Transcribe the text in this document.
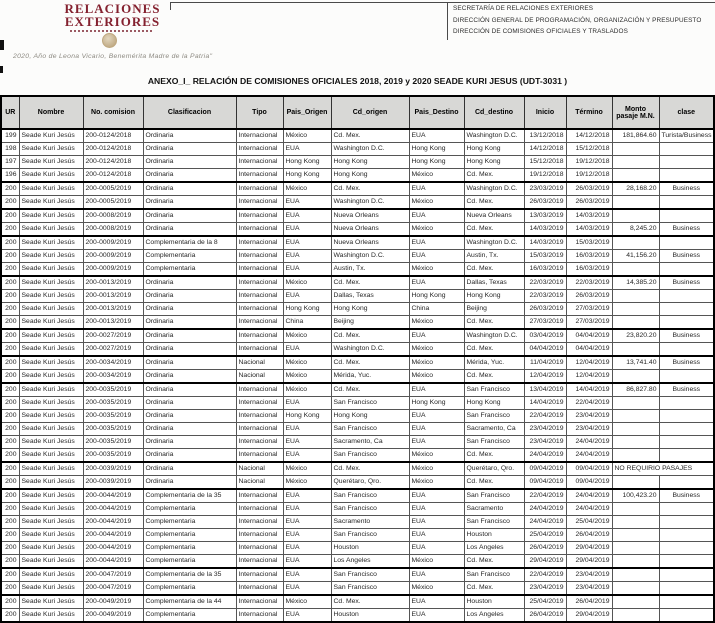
RELACIONES
EXTERIORES
SECRETARÍA DE RELACIONES EXTERIORES
DIRECCIÓN GENERAL DE PROGRAMACIÓN, ORGANIZACIÓN Y PRESUPUESTO
DIRECCIÓN DE COMISIONES OFICIALES Y TRASLADOS
2020, Año de Leona Vicario, Benemérita Madre de la Patria"
ANEXO_I_ RELACIÓN DE COMISIONES OFICIALES 2018, 2019 y 2020 SEADE KURI JESUS (UDT-3031 )
UR	Nombre	No. comision	Clasificacion	Tipo	Pais_Origen	Cd_origen	Pais_Destino	Cd_destino	Inicio	Término	Monto pasaje M.N.	clase
199	Seade Kuri Jesús	200-0124/2018	Ordinaria	Internacional	México	Cd. Mex.	EUA	Washington D.C.	13/12/2018	14/12/2018	181,864.60	Turista/Business
198	Seade Kuri Jesús	200-0124/2018	Ordinaria	Internacional	EUA	Washington D.C.	Hong Kong	Hong Kong	14/12/2018	15/12/2018		
197	Seade Kuri Jesús	200-0124/2018	Ordinaria	Internacional	Hong Kong	Hong Kong	Hong Kong	Hong Kong	15/12/2018	19/12/2018		
196	Seade Kuri Jesús	200-0124/2018	Ordinaria	Internacional	Hong Kong	Hong Kong	México	Cd. Mex.	19/12/2018	19/12/2018		
200	Seade Kuri Jesús	200-0005/2019	Ordinaria	Internacional	México	Cd. Mex.	EUA	Washington D.C.	23/03/2019	26/03/2019	28,168.20	Business
200	Seade Kuri Jesús	200-0005/2019	Ordinaria	Internacional	EUA	Washington D.C.	México	Cd. Mex.	26/03/2019	26/03/2019		
200	Seade Kuri Jesús	200-0008/2019	Ordinaria	Internacional	EUA	Nueva Orleans	EUA	Nueva Orleans	13/03/2019	14/03/2019		
200	Seade Kuri Jesús	200-0008/2019	Ordinaria	Internacional	EUA	Nueva Orleans	México	Cd. Mex.	14/03/2019	14/03/2019	8,245.20	Business
200	Seade Kuri Jesús	200-0009/2019	Complementaria de la 8	Internacional	EUA	Nueva Orleans	EUA	Washington D.C.	14/03/2019	15/03/2019		
200	Seade Kuri Jesús	200-0009/2019	Complementaria	Internacional	EUA	Washington D.C.	EUA	Austin, Tx.	15/03/2019	16/03/2019	41,156.20	Business
200	Seade Kuri Jesús	200-0009/2019	Complementaria	Internacional	EUA	Austin, Tx.	México	Cd. Mex.	16/03/2019	16/03/2019		
200	Seade Kuri Jesús	200-0013/2019	Ordinaria	Internacional	México	Cd. Mex.	EUA	Dallas, Texas	22/03/2019	22/03/2019	14,385.20	Business
200	Seade Kuri Jesús	200-0013/2019	Ordinaria	Internacional	EUA	Dallas, Texas	Hong Kong	Hong Kong	22/03/2019	26/03/2019		
200	Seade Kuri Jesús	200-0013/2019	Ordinaria	Internacional	Hong Kong	Hong Kong	China	Beijing	26/03/2019	27/03/2019		
200	Seade Kuri Jesús	200-0013/2019	Ordinaria	Internacional	China	Beijing	México	Cd. Mex.	27/03/2019	27/03/2019		
200	Seade Kuri Jesús	200-0027/2019	Ordinaria	Internacional	México	Cd. Mex.	EUA	Washington D.C.	03/04/2019	04/04/2019	23,820.20	Business
200	Seade Kuri Jesús	200-0027/2019	Ordinaria	Internacional	EUA	Washington D.C.	México	Cd. Mex.	04/04/2019	04/04/2019		
200	Seade Kuri Jesús	200-0034/2019	Ordinaria	Nacional	México	Cd. Mex.	México	Mérida, Yuc.	11/04/2019	12/04/2019	13,741.40	Business
200	Seade Kuri Jesús	200-0034/2019	Ordinaria	Nacional	México	Mérida, Yuc.	México	Cd. Mex.	12/04/2019	12/04/2019		
200	Seade Kuri Jesús	200-0035/2019	Ordinaria	Internacional	México	Cd. Mex.	EUA	San Francisco	13/04/2019	14/04/2019	86,827.80	Business
200	Seade Kuri Jesús	200-0035/2019	Ordinaria	Internacional	EUA	San Francisco	Hong Kong	Hong Kong	14/04/2019	22/04/2019		
200	Seade Kuri Jesús	200-0035/2019	Ordinaria	Internacional	Hong Kong	Hong Kong	EUA	San Francisco	22/04/2019	23/04/2019		
200	Seade Kuri Jesús	200-0035/2019	Ordinaria	Internacional	EUA	San Francisco	EUA	Sacramento, Ca	23/04/2019	23/04/2019		
200	Seade Kuri Jesús	200-0035/2019	Ordinaria	Internacional	EUA	Sacramento, Ca	EUA	San Francisco	23/04/2019	24/04/2019		
200	Seade Kuri Jesús	200-0035/2019	Ordinaria	Internacional	EUA	San Francisco	México	Cd. Mex.	24/04/2019	24/04/2019		
200	Seade Kuri Jesús	200-0039/2019	Ordinaria	Nacional	México	Cd. Mex.	México	Querétaro, Qro.	09/04/2019	09/04/2019	NO REQUIRIO PASAJES	
200	Seade Kuri Jesús	200-0039/2019	Ordinaria	Nacional	México	Querétaro, Qro.	México	Cd. Mex.	09/04/2019	09/04/2019		
200	Seade Kuri Jesús	200-0044/2019	Complementaria de la 35	Internacional	EUA	San Francisco	EUA	San Francisco	22/04/2019	24/04/2019	100,423.20	Business
200	Seade Kuri Jesús	200-0044/2019	Complementaria	Internacional	EUA	San Francisco	EUA	Sacramento	24/04/2019	24/04/2019		
200	Seade Kuri Jesús	200-0044/2019	Complementaria	Internacional	EUA	Sacramento	EUA	San Francisco	24/04/2019	25/04/2019		
200	Seade Kuri Jesús	200-0044/2019	Complementaria	Internacional	EUA	San Francisco	EUA	Houston	25/04/2019	26/04/2019		
200	Seade Kuri Jesús	200-0044/2019	Complementaria	Internacional	EUA	Houston	EUA	Los Angeles	26/04/2019	29/04/2019		
200	Seade Kuri Jesús	200-0044/2019	Complementaria	Internacional	EUA	Los Angeles	México	Cd. Mex.	29/04/2019	29/04/2019		
200	Seade Kuri Jesús	200-0047/2019	Complementaria de la 35	Internacional	EUA	San Francisco	EUA	San Francisco	22/04/2019	23/04/2019		
200	Seade Kuri Jesús	200-0047/2019	Complementaria	Internacional	EUA	San Francisco	México	Cd. Mex.	23/04/2019	23/04/2019		
200	Seade Kuri Jesús	200-0049/2019	Complementaria de la 44	Internacional	México	Cd. Mex.	EUA	Houston	25/04/2019	26/04/2019		
200	Seade Kuri Jesús	200-0049/2019	Complementaria	Internacional	EUA	Houston	EUA	Los Angeles	26/04/2019	29/04/2019		
